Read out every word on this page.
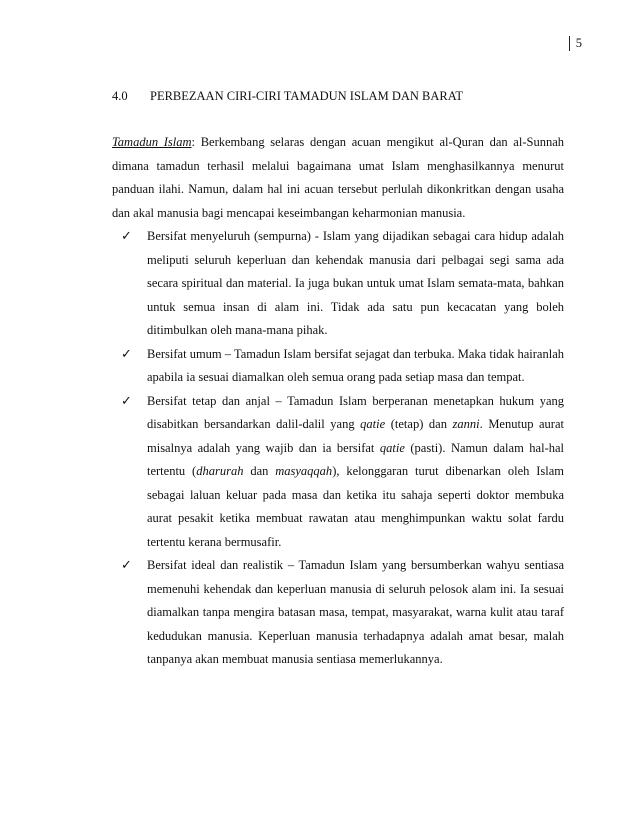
5
4.0	PERBEZAAN CIRI-CIRI TAMADUN ISLAM DAN BARAT

Tamadun Islam: Berkembang selaras dengan acuan mengikut al-Quran dan al-Sunnah dimana tamadun terhasil melalui bagaimana umat Islam menghasilkannya menurut panduan ilahi. Namun, dalam hal ini acuan tersebut perlulah dikonkritkan dengan usaha dan akal manusia bagi mencapai keseimbangan keharmonian manusia.

✓ Bersifat menyeluruh (sempurna) - Islam yang dijadikan sebagai cara hidup adalah meliputi seluruh keperluan dan kehendak manusia dari pelbagai segi sama ada secara spiritual dan material. Ia juga bukan untuk umat Islam semata-mata, bahkan untuk semua insan di alam ini. Tidak ada satu pun kecacatan yang boleh ditimbulkan oleh mana-mana pihak.
✓ Bersifat umum – Tamadun Islam bersifat sejagat dan terbuka. Maka tidak hairanlah apabila ia sesuai diamalkan oleh semua orang pada setiap masa dan tempat.
✓ Bersifat tetap dan anjal – Tamadun Islam berperanan menetapkan hukum yang disabitkan bersandarkan dalil-dalil yang qatie (tetap) dan zanni. Menutup aurat misalnya adalah yang wajib dan ia bersifat qatie (pasti). Namun dalam hal-hal tertentu (dharurah dan masyaqqah), kelonggaran turut dibenarkan oleh Islam sebagai laluan keluar pada masa dan ketika itu sahaja seperti doktor membuka aurat pesakit ketika membuat rawatan atau menghimpunkan waktu solat fardu tertentu kerana bermusafir.
✓ Bersifat ideal dan realistik – Tamadun Islam yang bersumberkan wahyu sentiasa memenuhi kehendak dan keperluan manusia di seluruh pelosok alam ini. Ia sesuai diamalkan tanpa mengira batasan masa, tempat, masyarakat, warna kulit atau taraf kedudukan manusia. Keperluan manusia terhadapnya adalah amat besar, malah tanpanya akan membuat manusia sentiasa memerlukannya.
